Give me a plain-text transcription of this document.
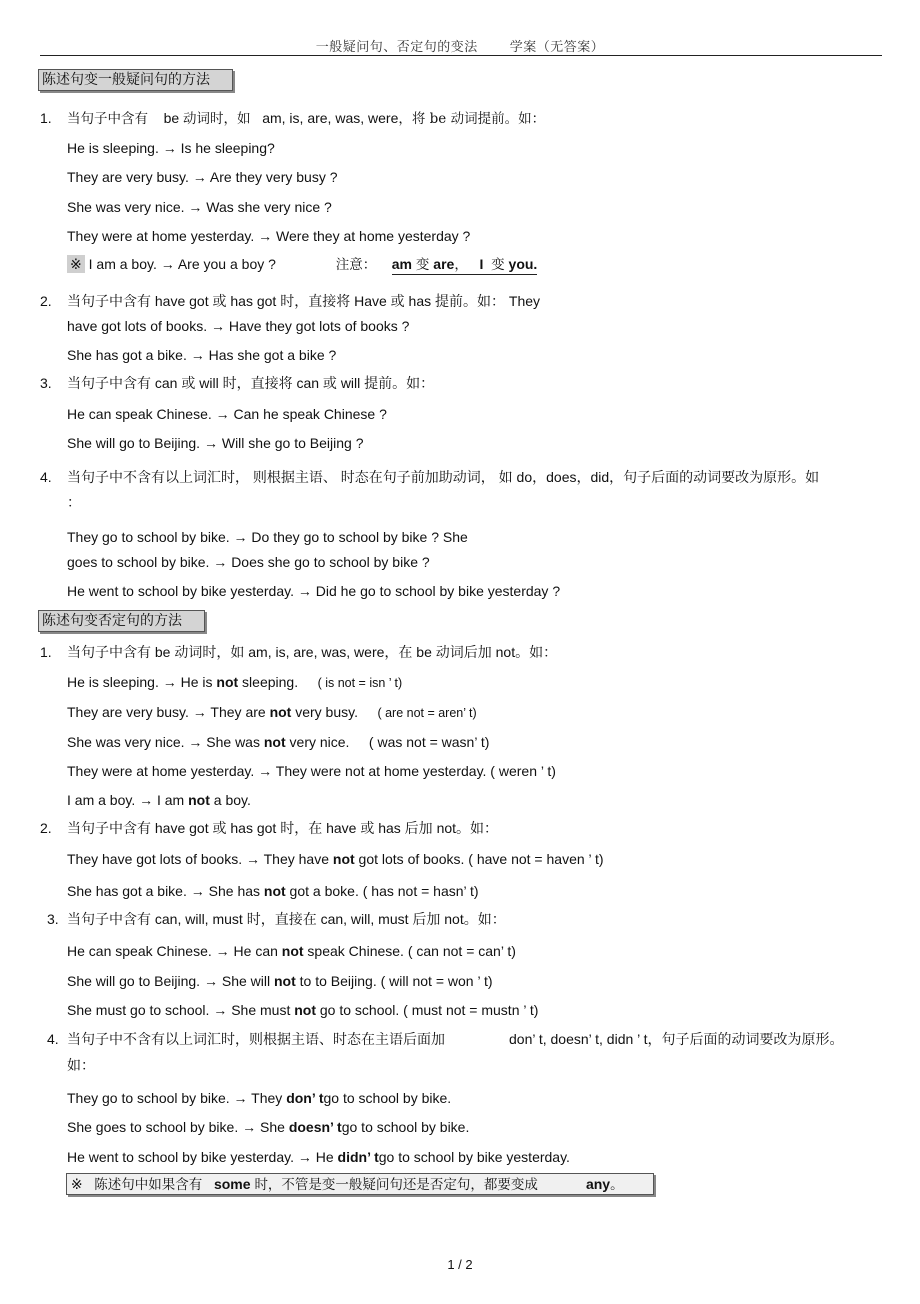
一般疑问句、否定句的变法 学案（无答案）
陈述句变一般疑问句的方法
1. 当句子中含有 be 动词时，如 am, is, are, was, were，将 be 动词提前。如：
He is sleeping. → Is he sleeping?
They are very busy. → Are they very busy ?
She was very nice. → Was she very nice ?
They were at home yesterday. → Were they at home yesterday ?
※ I am a boy. → Are you a boy ?	注意： am 变 are， I 变 you.
2. 当句子中含有 have got 或 has got 时，直接将 Have 或 has 提前。如： They
have got lots of books. → Have they got lots of books ?
She has got a bike. → Has she got a bike ?
3. 当句子中含有 can 或 will 时，直接将 can 或 will 提前。如：
He can speak Chinese. → Can he speak Chinese ?
She will go to Beijing. → Will she go to Beijing ?
4. 当句子中不含有以上词汇时， 则根据主语、 时态在句子前加助动词， 如 do，does，did，句子后面的动词要改为原形。如
：
They go to school by bike. → Do they go to school by bike ? She
goes to school by bike. → Does she go to school by bike ?
He went to school by bike yesterday. → Did he go to school by bike yesterday ?
陈述句变否定句的方法
1. 当句子中含有 be 动词时，如 am, is, are, was, were，在 be 动词后加 not。如：
He is sleeping. → He is not sleeping. ( is not = isn ’ t)
They are very busy. → They are not very busy. ( are not = aren’ t)
She was very nice. → She was not very nice. ( was not = wasn’ t)
They were at home yesterday. → They were not at home yesterday. ( weren ’ t)
I am a boy. → I am not a boy.
2. 当句子中含有 have got 或 has got 时，在 have 或 has 后加 not。如：
They have got lots of books. → They have not got lots of books. ( have not = haven ’ t)
She has got a bike. → She has not got a boke. ( has not = hasn’ t)
3. 当句子中含有 can, will, must 时，直接在 can, will, must 后加 not。如：
He can speak Chinese. → He can not speak Chinese. ( can not = can’ t)
She will go to Beijing. → She will not to to Beijing. ( will not = won ’ t)
She must go to school. → She must not go to school. ( must not = mustn ’ t)
4. 当句子中不含有以上词汇时，则根据主语、时态在主语后面加	don’ t, doesn’ t, didn ’ t，句子后面的动词要改为原形。
如：
They go to school by bike. → They don’ tgo to school by bike.
She goes to school by bike. → She doesn’ tgo to school by bike.
He went to school by bike yesterday. → He didn’ tgo to school by bike yesterday.
※ 陈述句中如果含有 some 时，不管是变一般疑问句还是否定句，都要变成	any。
1 / 2
